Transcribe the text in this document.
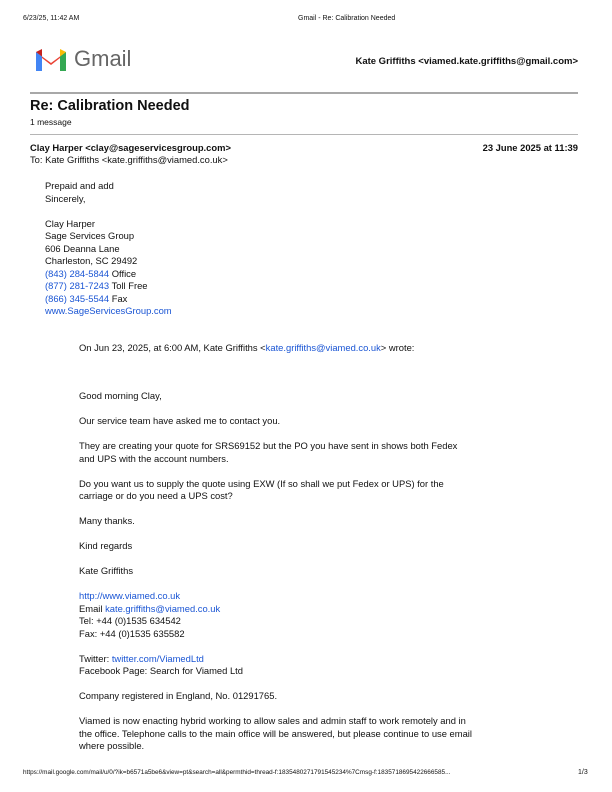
6/23/25, 11:42 AM	Gmail - Re: Calibration Needed
Gmail	Kate Griffiths <viamed.kate.griffiths@gmail.com>
Re: Calibration Needed
1 message
Clay Harper <clay@sageservicesgroup.com>	23 June 2025 at 11:39
To: Kate Griffiths <kate.griffiths@viamed.co.uk>
Prepaid and add
Sincerely,
Clay Harper
Sage Services Group
606 Deanna Lane
Charleston, SC 29492
(843) 284-5844 Office
(877) 281-7243 Toll Free
(866) 345-5544 Fax
www.SageServicesGroup.com
On Jun 23, 2025, at 6:00 AM, Kate Griffiths <kate.griffiths@viamed.co.uk> wrote:
Good morning Clay,
Our service team have asked me to contact you.
They are creating your quote for SRS69152 but the PO you have sent in shows both Fedex
and UPS with the account numbers.
Do you want us to supply the quote using EXW (If so shall we put Fedex or UPS) for the
carriage or do you need a UPS cost?
Many thanks.
Kind regards
Kate Griffiths
http://www.viamed.co.uk
Email kate.griffiths@viamed.co.uk
Tel: +44 (0)1535 634542
Fax: +44 (0)1535 635582
Twitter: twitter.com/ViamedLtd
Facebook Page: Search for Viamed Ltd
Company registered in England, No. 01291765.
Viamed is now enacting hybrid working to allow sales and admin staff to work remotely and in
the office. Telephone calls to the main office will be answered, but please continue to use email
where possible.
https://mail.google.com/mail/u/0/?ik=b6571a5be6&view=pt&search=all&permthid=thread-f:1835480271791545234%7Cmsg-f:1835718695422666585...	1/3
